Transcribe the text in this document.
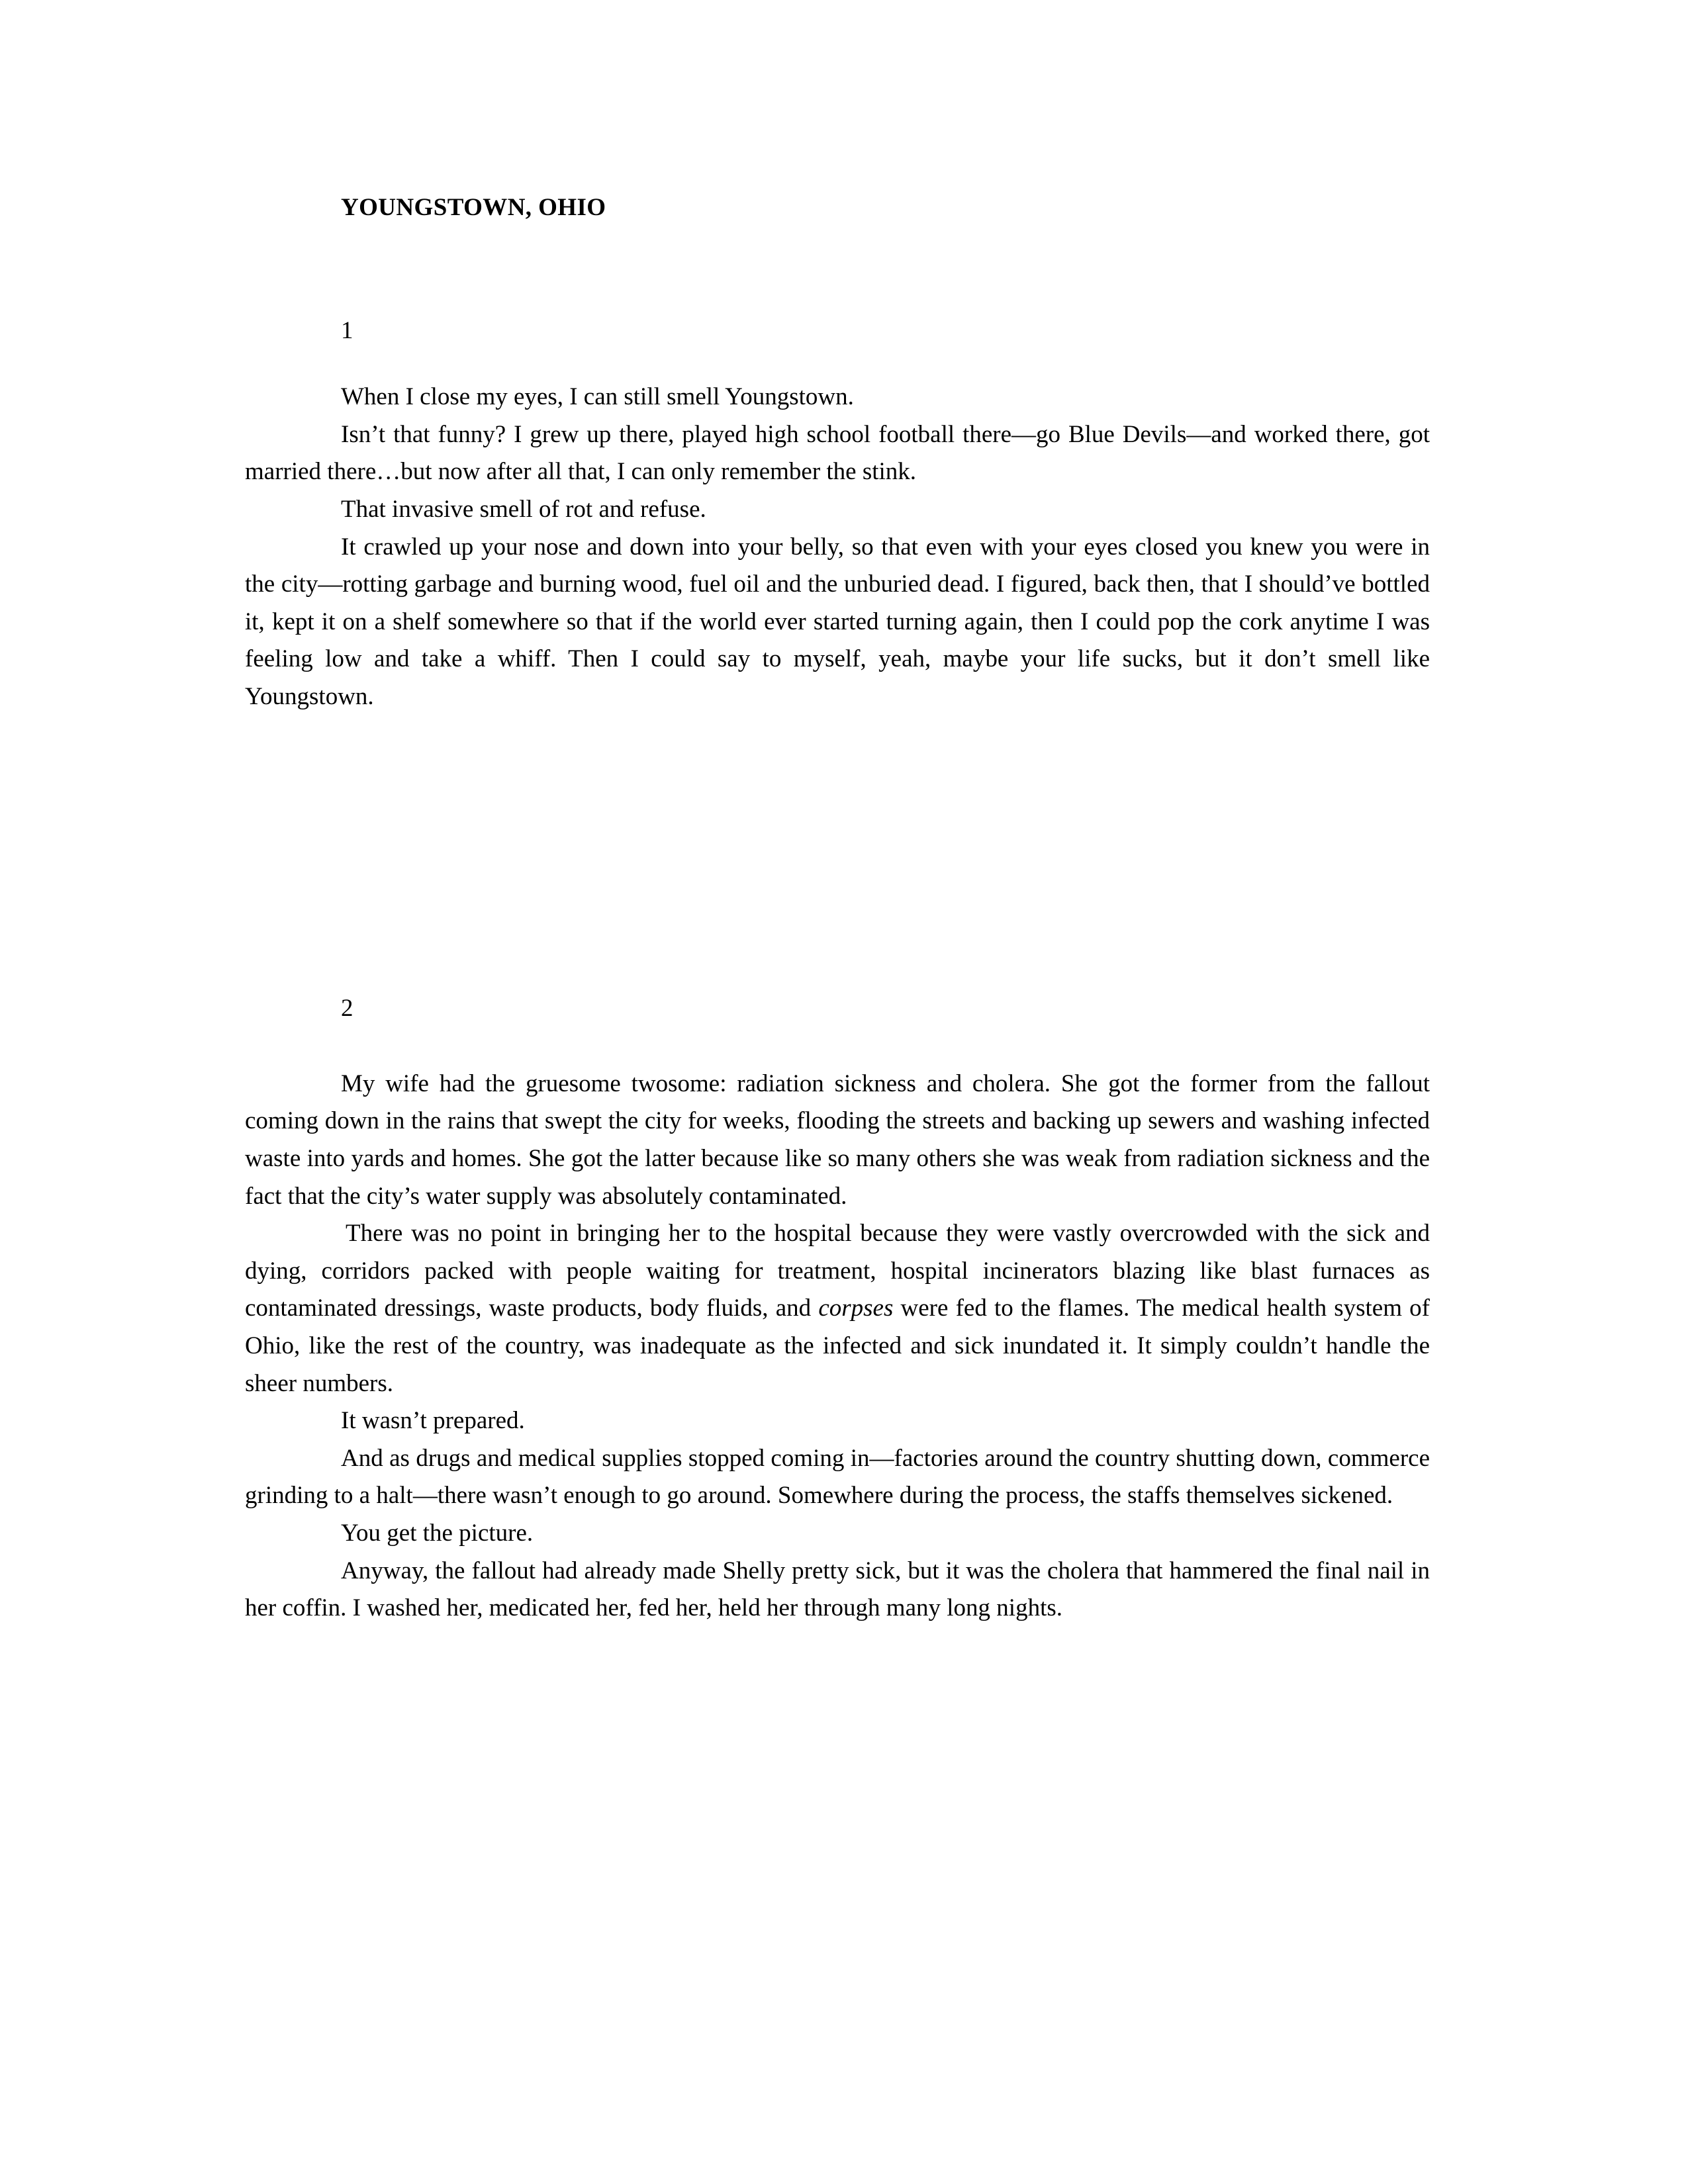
YOUNGSTOWN, OHIO
1

When I close my eyes, I can still smell Youngstown.

Isn’t that funny? I grew up there, played high school football there—go Blue Devils—and worked there, got married there…but now after all that, I can only remember the stink.

That invasive smell of rot and refuse.

It crawled up your nose and down into your belly, so that even with your eyes closed you knew you were in the city—rotting garbage and burning wood, fuel oil and the unburied dead. I figured, back then, that I should’ve bottled it, kept it on a shelf somewhere so that if the world ever started turning again, then I could pop the cork anytime I was feeling low and take a whiff. Then I could say to myself, yeah, maybe your life sucks, but it don’t smell like Youngstown.

2

My wife had the gruesome twosome: radiation sickness and cholera. She got the former from the fallout coming down in the rains that swept the city for weeks, flooding the streets and backing up sewers and washing infected waste into yards and homes. She got the latter because like so many others she was weak from radiation sickness and the fact that the city’s water supply was absolutely contaminated.

There was no point in bringing her to the hospital because they were vastly overcrowded with the sick and dying, corridors packed with people waiting for treatment, hospital incinerators blazing like blast furnaces as contaminated dressings, waste products, body fluids, and corpses were fed to the flames. The medical health system of Ohio, like the rest of the country, was inadequate as the infected and sick inundated it. It simply couldn’t handle the sheer numbers.

It wasn’t prepared.

And as drugs and medical supplies stopped coming in—factories around the country shutting down, commerce grinding to a halt—there wasn’t enough to go around. Somewhere during the process, the staffs themselves sickened.

You get the picture.

Anyway, the fallout had already made Shelly pretty sick, but it was the cholera that hammered the final nail in her coffin. I washed her, medicated her, fed her, held her through many long nights.
